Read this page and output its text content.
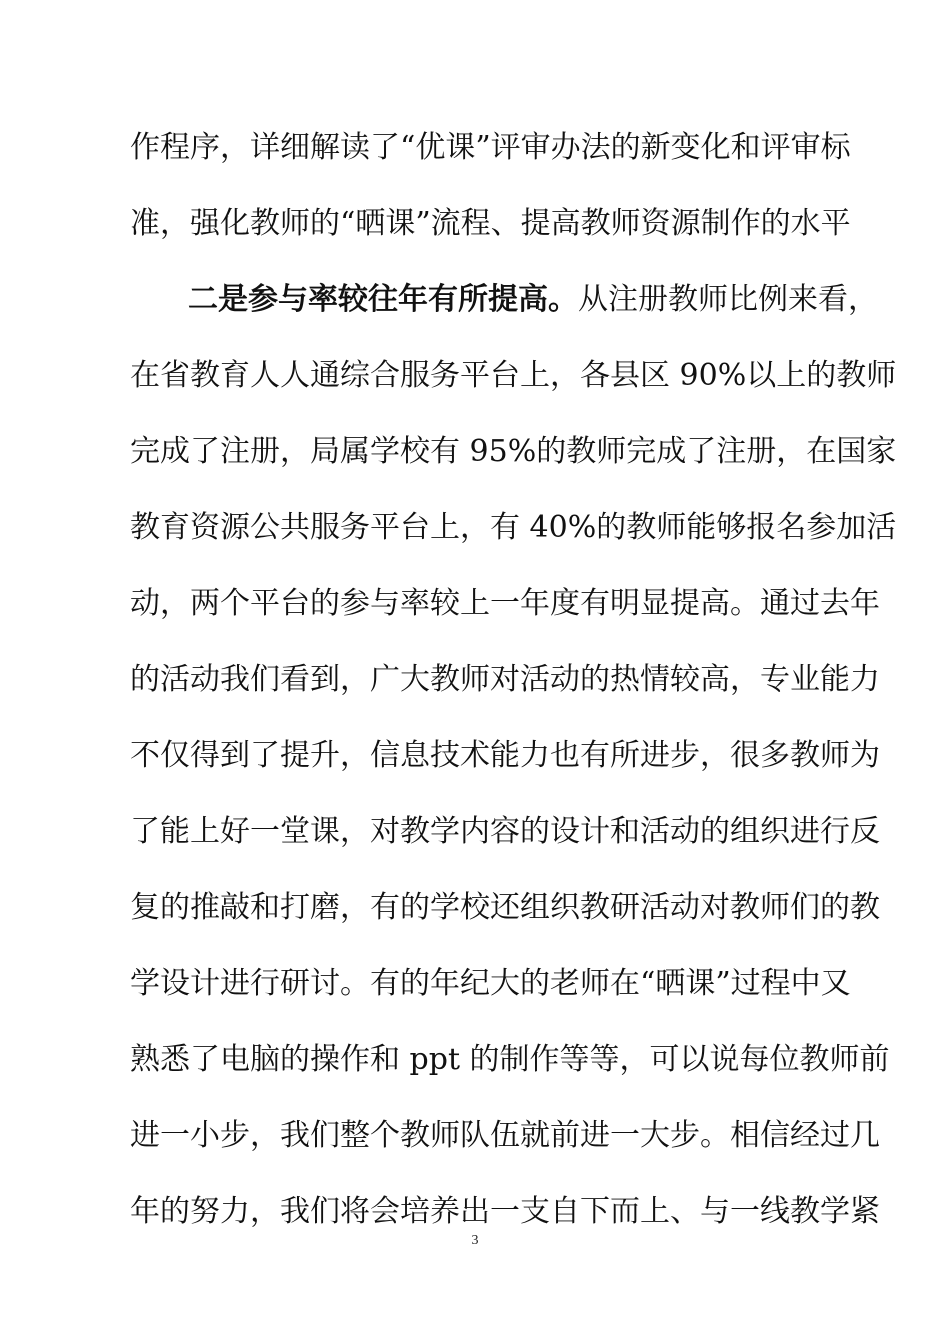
作程序，详细解读了“优课”评审办法的新变化和评审标
准，强化教师的“晒课”流程、提高教师资源制作的水平
二是参与率较往年有所提高。从注册教师比例来看，
在省教育人人通综合服务平台上，各县区 90%以上的教师
完成了注册，局属学校有 95%的教师完成了注册，在国家
教育资源公共服务平台上，有 40%的教师能够报名参加活
动，两个平台的参与率较上一年度有明显提高。通过去年
的活动我们看到，广大教师对活动的热情较高，专业能力
不仅得到了提升，信息技术能力也有所进步，很多教师为
了能上好一堂课，对教学内容的设计和活动的组织进行反
复的推敲和打磨，有的学校还组织教研活动对教师们的教
学设计进行研讨。有的年纪大的老师在“晒课”过程中又
熟悉了电脑的操作和 ppt 的制作等等，可以说每位教师前
进一小步，我们整个教师队伍就前进一大步。相信经过几
年的努力，我们将会培养出一支自下而上、与一线教学紧
3
